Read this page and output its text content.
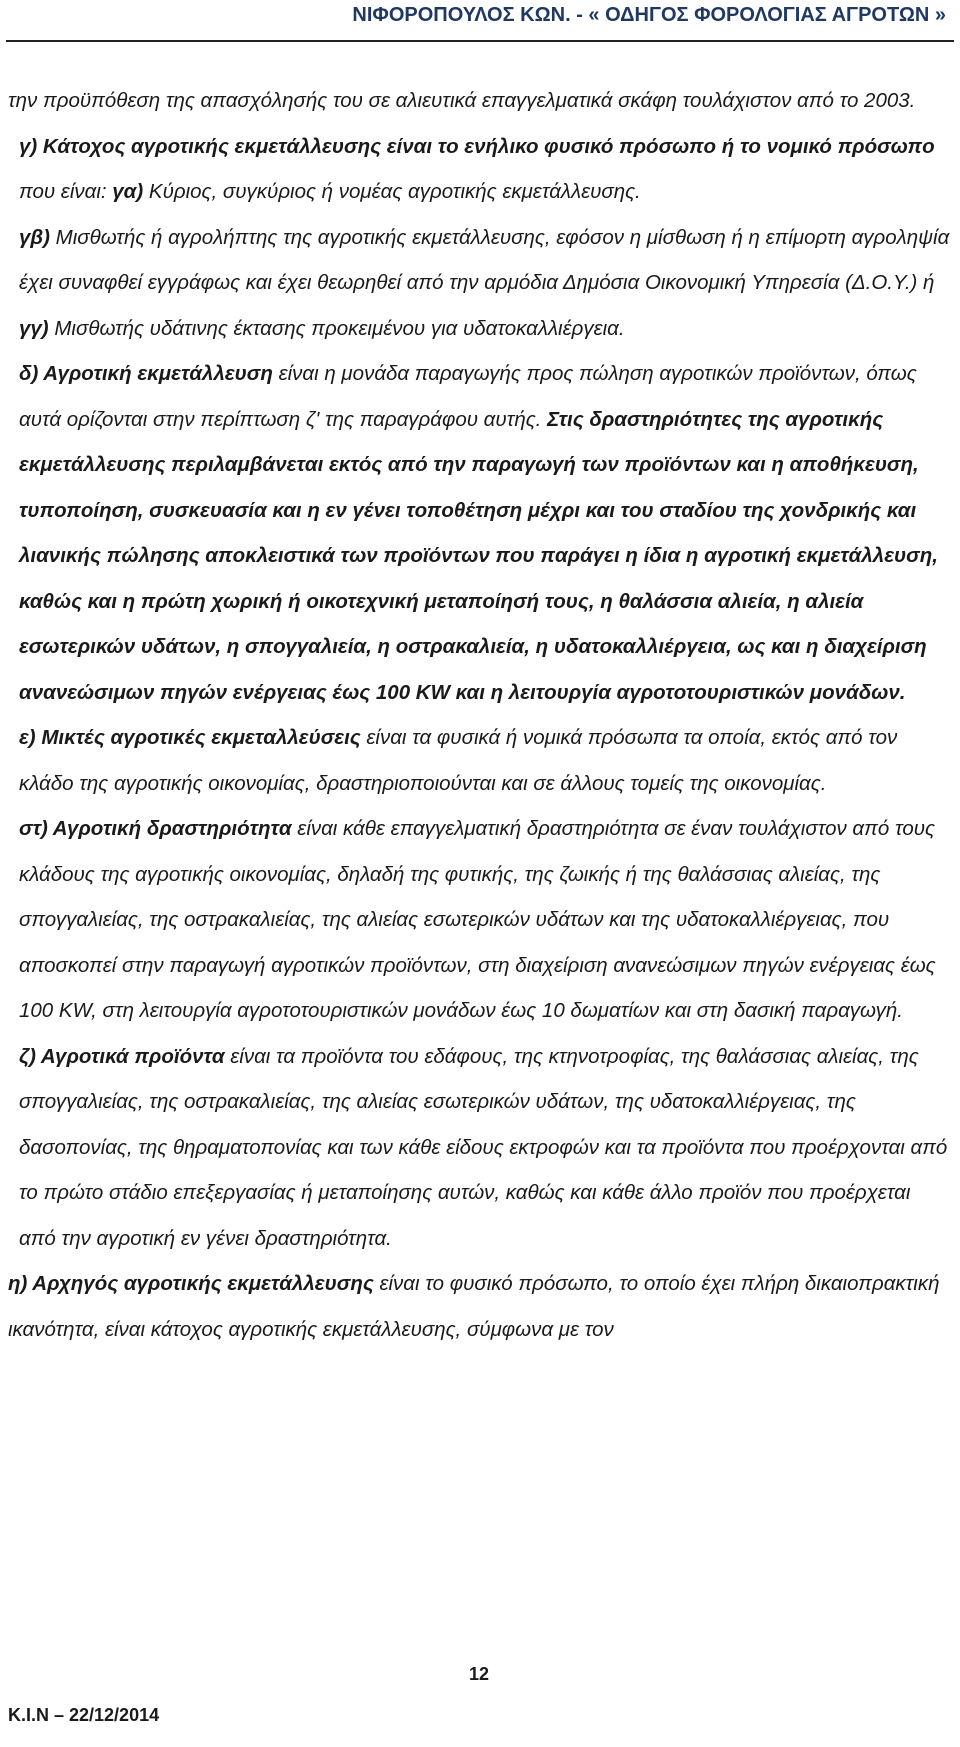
ΝΙΦΟΡΟΠΟΥΛΟΣ ΚΩΝ. - « ΟΔΗΓΟΣ ΦΟΡΟΛΟΓΙΑΣ ΑΓΡΟΤΩΝ »

την προϋπόθεση της απασχόλησής του σε αλιευτικά επαγγελματικά σκάφη τουλάχιστον από το 2003.

γ) Κάτοχος αγροτικής εκμετάλλευσης είναι το ενήλικο φυσικό πρόσωπο ή το νομικό πρόσωπο που είναι: γα) Κύριος, συγκύριος ή νομέας αγροτικής εκμετάλλευσης.

γβ) Μισθωτής ή αγρολήπτης της αγροτικής εκμετάλλευσης, εφόσον η μίσθωση ή η επίμορτη αγροληψία έχει συναφθεί εγγράφως και έχει θεωρηθεί από την αρμόδια Δημόσια Οικονομική Υπηρεσία (Δ.Ο.Υ.) ή γγ) Μισθωτής υδάτινης έκτασης προκειμένου για υδατοκαλλιέργεια.

δ) Αγροτική εκμετάλλευση είναι η μονάδα παραγωγής προς πώληση αγροτικών προϊόντων, όπως αυτά ορίζονται στην περίπτωση ζ' της παραγράφου αυτής. Στις δραστηριότητες της αγροτικής εκμετάλλευσης περιλαμβάνεται εκτός από την παραγωγή των προϊόντων και η αποθήκευση, τυποποίηση, συσκευασία και η εν γένει τοποθέτηση μέχρι και του σταδίου της χονδρικής και λιανικής πώλησης αποκλειστικά των προϊόντων που παράγει η ίδια η αγροτική εκμετάλλευση, καθώς και η πρώτη χωρική ή οικοτεχνική μεταποίησή τους, η θαλάσσια αλιεία, η αλιεία εσωτερικών υδάτων, η σπογγαλιεία, η οστρακαλιεία, η υδατοκαλλιέργεια, ως και η διαχείριση ανανεώσιμων πηγών ενέργειας έως 100 KW και η λειτουργία αγροτοτουριστικών μονάδων.

ε) Μικτές αγροτικές εκμεταλλεύσεις είναι τα φυσικά ή νομικά πρόσωπα τα οποία, εκτός από τον κλάδο της αγροτικής οικονομίας, δραστηριοποιούνται και σε άλλους τομείς της οικονομίας.

στ) Αγροτική δραστηριότητα είναι κάθε επαγγελματική δραστηριότητα σε έναν τουλάχιστον από τους κλάδους της αγροτικής οικονομίας, δηλαδή της φυτικής, της ζωικής ή της θαλάσσιας αλιείας, της σπογγαλιείας, της οστρακαλιείας, της αλιείας εσωτερικών υδάτων και της υδατοκαλλιέργειας, που αποσκοπεί στην παραγωγή αγροτικών προϊόντων, στη διαχείριση ανανεώσιμων πηγών ενέργειας έως 100 KW, στη λειτουργία αγροτοτουριστικών μονάδων έως 10 δωματίων και στη δασική παραγωγή.

ζ) Αγροτικά προϊόντα είναι τα προϊόντα του εδάφους, της κτηνοτροφίας, της θαλάσσιας αλιείας, της σπογγαλιείας, της οστρακαλιείας, της αλιείας εσωτερικών υδάτων, της υδατοκαλλιέργειας, της δασοπονίας, της θηραματοπονίας και των κάθε είδους εκτροφών και τα προϊόντα που προέρχονται από το πρώτο στάδιο επεξεργασίας ή μεταποίησης αυτών, καθώς και κάθε άλλο προϊόν που προέρχεται από την αγροτική εν γένει δραστηριότητα.

η) Αρχηγός αγροτικής εκμετάλλευσης είναι το φυσικό πρόσωπο, το οποίο έχει πλήρη δικαιοπρακτική ικανότητα, είναι κάτοχος αγροτικής εκμετάλλευσης, σύμφωνα με τον

12
Κ.Ι.Ν – 22/12/2014
